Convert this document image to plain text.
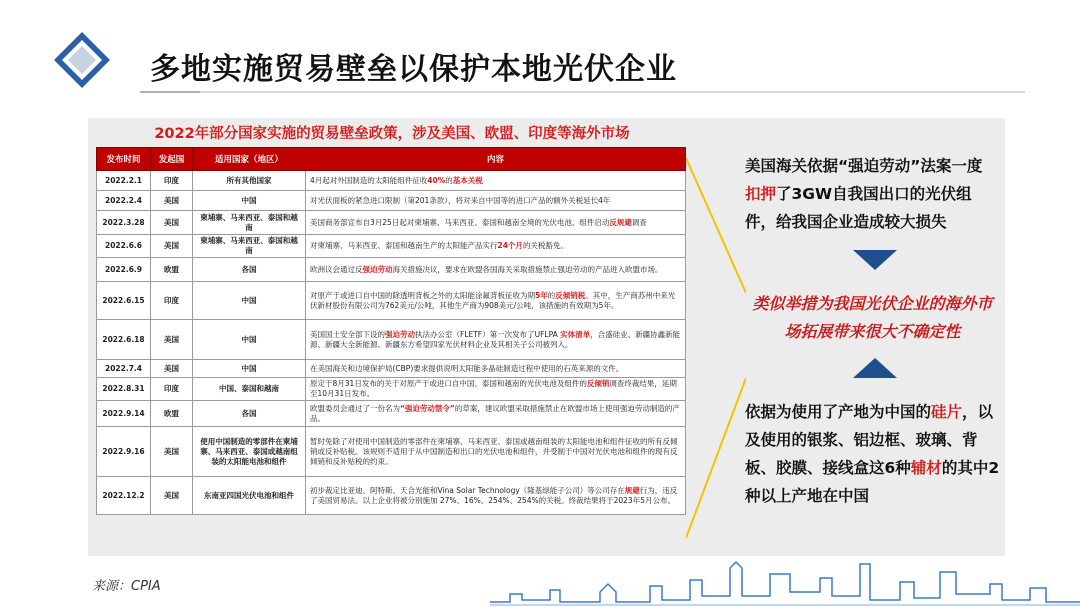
多地实施贸易壁垒以保护本地光伏企业
2022年部分国家实施的贸易壁垒政策，涉及美国、欧盟、印度等海外市场
发布时间	发起国	适用国家（地区）	内容
2022.2.1	印度	所有其他国家	4月起对外国制造的太阳能组件征收40%的基本关税
2022.2.4	美国	中国	对光伏面板的紧急进口限制（第201条款），将对来自中国等的进口产品的额外关税延长4年
2022.3.28	美国	柬埔寨、马来西亚、泰国和越南	美国商务部宣布自3月25日起对柬埔寨、马来西亚、泰国和越南全境的光伏电池、组件启动反规避调查
2022.6.6	美国	柬埔寨、马来西亚、泰国和越南	对柬埔寨、马来西亚、泰国和越南生产的太阳能产品实行24个月的关税豁免。
2022.6.9	欧盟	各国	欧洲议会通过反强迫劳动海关措施决议，要求在欧盟各国海关采取措施禁止强迫劳动的产品进入欧盟市场。
2022.6.15	印度	中国	对原产于或进口自中国的除透明背板之外的太阳能涂氟背板征收为期5年的反倾销税。其中，生产商苏州中来光伏新材股份有限公司为762美元/公吨，其他生产商为908美元/公吨，该措施的有效期为5年。
2022.6.18	美国	中国	美国国土安全部下设的强迫劳动执法办公室（FLETF）第一次发布了UFLPA 实体清单，合盛硅业、新疆协鑫新能源、新疆大全新能源、新疆东方希望四家光伏材料企业及其相关子公司被列入。
2022.7.4	美国	中国	在美国海关和边境保护局(CBP)要求提供说明太阳能多晶硅制造过程中使用的石英来源的文件。
2022.8.31	印度	中国、泰国和越南	原定于8月31日发布的关于对原产于或进口自中国、泰国和越南的光伏电池及组件的反倾销调查终裁结果，延期至10月31日发布。
2022.9.14	欧盟	各国	欧盟委员会通过了一份名为“强迫劳动禁令”的草案，建议欧盟采取措施禁止在欧盟市场上使用强迫劳动制造的产品。
2022.9.16	美国	使用中国制造的零部件在柬埔寨、马来西亚、泰国或越南组装的太阳能电池和组件	暂时免除了对使用中国制造的零部件在柬埔寨、马来西亚、泰国或越南组装的太阳能电池和组件征收的所有反倾销或反补贴税。该规则不适用于从中国制造和出口的光伏电池和组件，并受制于中国对光伏电池和组件的现有反倾销和反补贴税的约束。
2022.12.2	美国	东南亚四国光伏电池和组件	初步裁定比亚迪、阿特斯、天合光能和Vina Solar Technology（隆基绿能子公司）等公司存在规避行为，违反了美国贸易法。以上企业将被分别施加 27%、16%、254%、254%的关税。终裁结果将于2023年5月公布。
美国海关依据“强迫劳动”法案一度扣押了3GW自我国出口的光伏组件，给我国企业造成较大损失
类似举措为我国光伏企业的海外市场拓展带来很大不确定性
依据为使用了产地为中国的硅片，以及使用的银浆、铝边框、玻璃、背板、胶膜、接线盒这6种辅材的其中2种以上产地在中国
来源：CPIA
